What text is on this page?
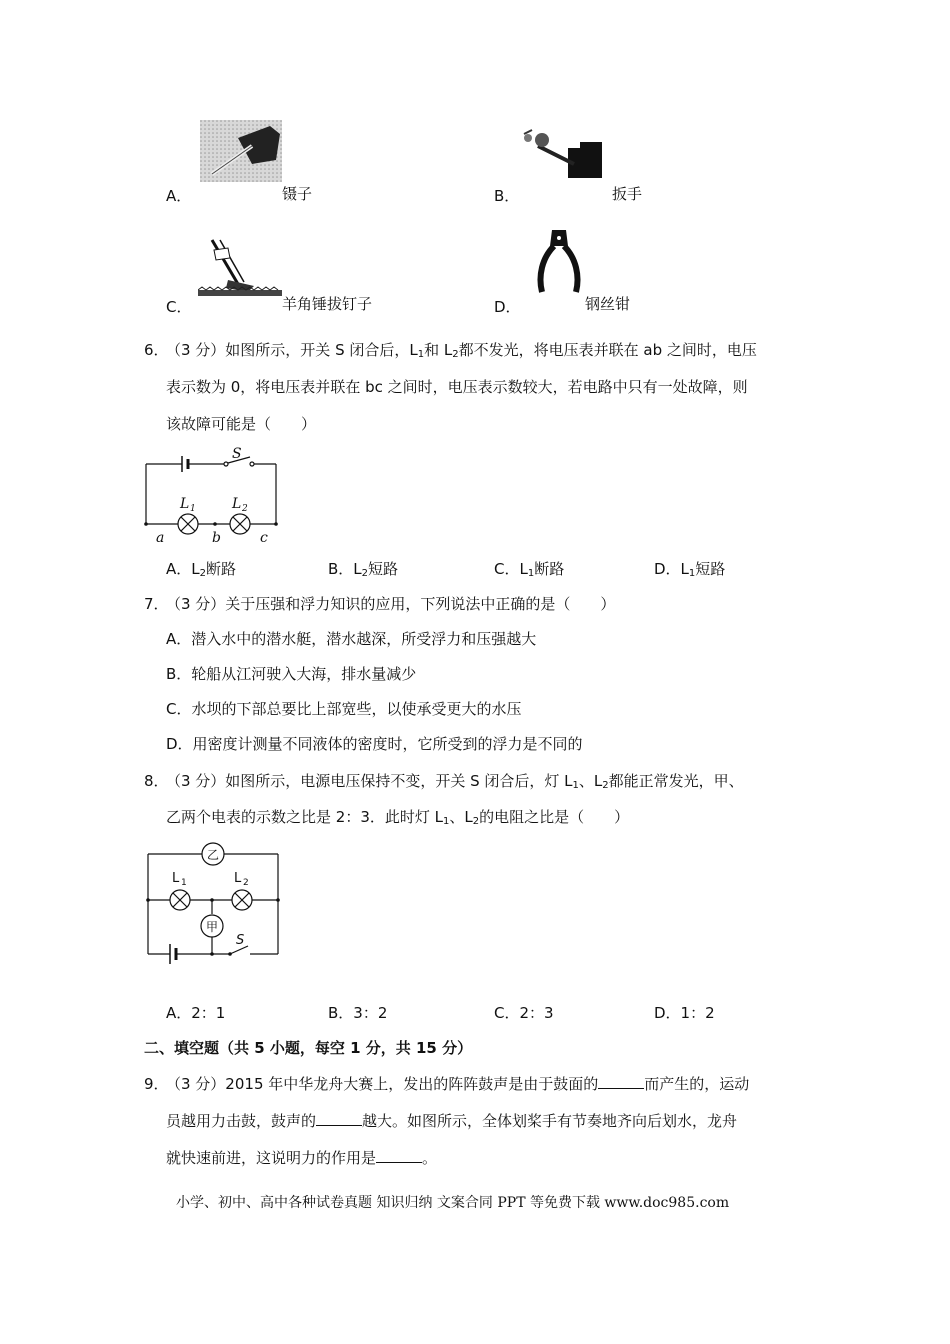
A．	镊子	B．	扳手
C．	羊角锤拔钉子	D．	钢丝钳
6．
（3 分）如图所示，开关 S 闭合后，$L_1$和 $L_2$都不发光，将电压表并联在 ab 之间时，电压
表示数为 0，将电压表并联在 bc 之间时，电压表示数较大，若电路中只有一处故障，则
该故障可能是（　　）
S
L 1	L 2
a	b	c
A．$L_2$断路	B．$L_2$短路	C．$L_1$断路	D．$L_1$短路
7．
（3 分）关于压强和浮力知识的应用，下列说法中正确的是（　　）
A．潜入水中的潜水艇，潜水越深，所受浮力和压强越大
B．轮船从江河驶入大海，排水量减少
C．水坝的下部总要比上部宽些，以使承受更大的水压
D．用密度计测量不同液体的密度时，它所受到的浮力是不同的
8．
（3 分）如图所示，电源电压保持不变，开关 S 闭合后，灯 $L_1$、$L_2$都能正常发光，甲、
乙两个电表的示数之比是 2：3．此时灯 $L_1$、$L_2$的电阻之比是（　　）
乙
甲
L 1	L 2
S
A．2：1	B．3：2	C．2：3	D．1：2
二、填空题（共 5 小题，每空 1 分，共 15 分）
9．
（3 分）2015 年中华龙舟大赛上，发出的阵阵鼓声是由于鼓面的	而产生的，运动
员越用力击鼓，鼓声的	越大。如图所示，全体划桨手有节奏地齐向后划水，龙舟
就快速前进，这说明力的作用是	。
小学、初中、高中各种试卷真题 知识归纳 文案合同 PPT 等免费下载 www.doc985.com
